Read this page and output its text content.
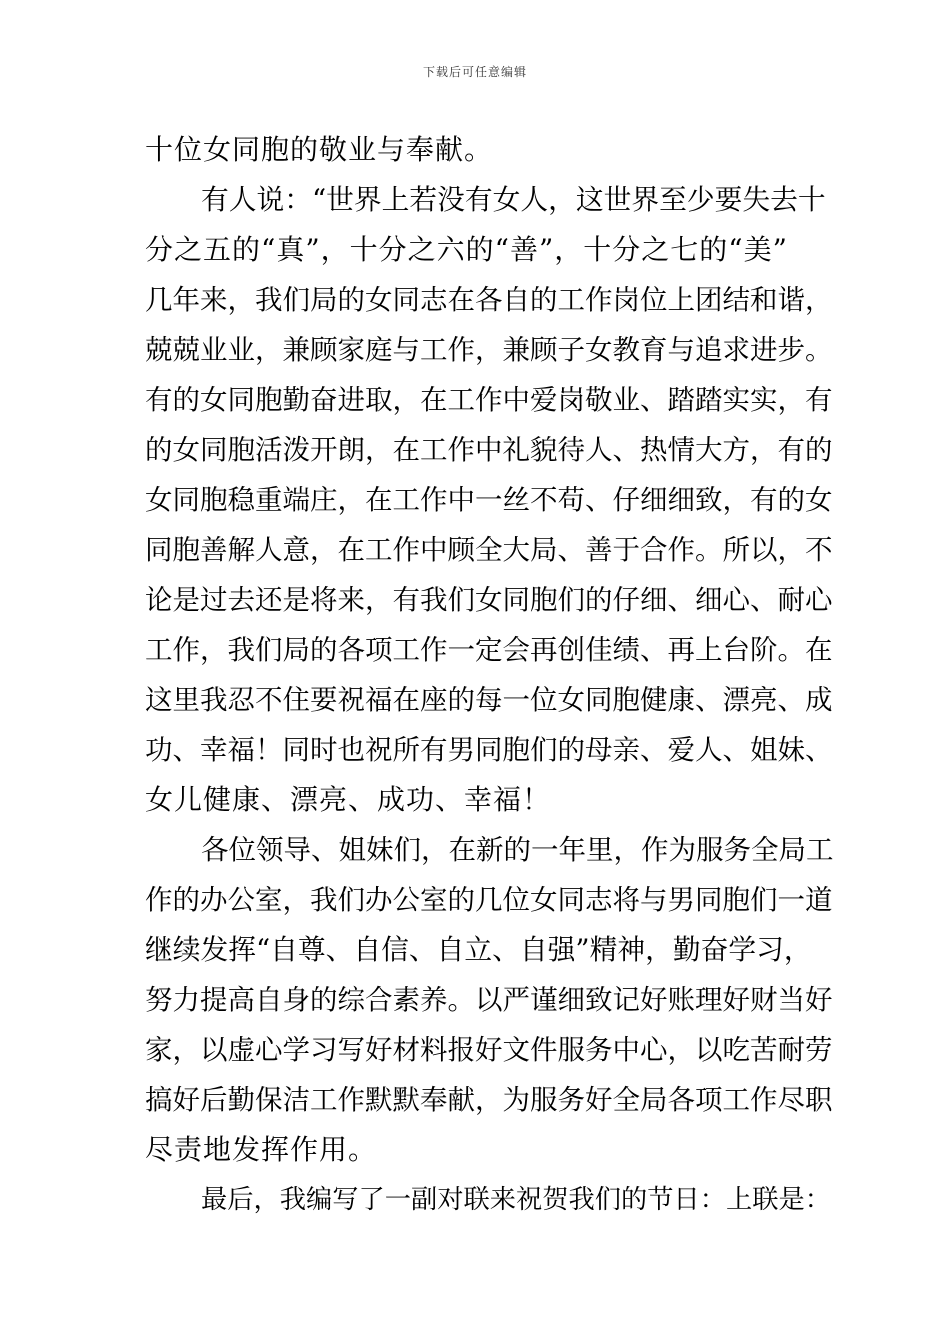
下载后可任意编辑
十位女同胞的敬业与奉献。
有人说：“世界上若没有女人，这世界至少要失去十
分之五的“真”，十分之六的“善”，十分之七的“美”
几年来，我们局的女同志在各自的工作岗位上团结和谐，
兢兢业业，兼顾家庭与工作，兼顾子女教育与追求进步。
有的女同胞勤奋进取，在工作中爱岗敬业、踏踏实实，有
的女同胞活泼开朗，在工作中礼貌待人、热情大方，有的
女同胞稳重端庄，在工作中一丝不苟、仔细细致，有的女
同胞善解人意，在工作中顾全大局、善于合作。所以，不
论是过去还是将来，有我们女同胞们的仔细、细心、耐心
工作，我们局的各项工作一定会再创佳绩、再上台阶。在
这里我忍不住要祝福在座的每一位女同胞健康、漂亮、成
功、幸福！同时也祝所有男同胞们的母亲、爱人、姐妹、
女儿健康、漂亮、成功、幸福！
各位领导、姐妹们，在新的一年里，作为服务全局工
作的办公室，我们办公室的几位女同志将与男同胞们一道
继续发挥“自尊、自信、自立、自强”精神，勤奋学习，
努力提高自身的综合素养。以严谨细致记好账理好财当好
家，以虚心学习写好材料报好文件服务中心，以吃苦耐劳
搞好后勤保洁工作默默奉献，为服务好全局各项工作尽职
尽责地发挥作用。
最后，我编写了一副对联来祝贺我们的节日：上联是：
